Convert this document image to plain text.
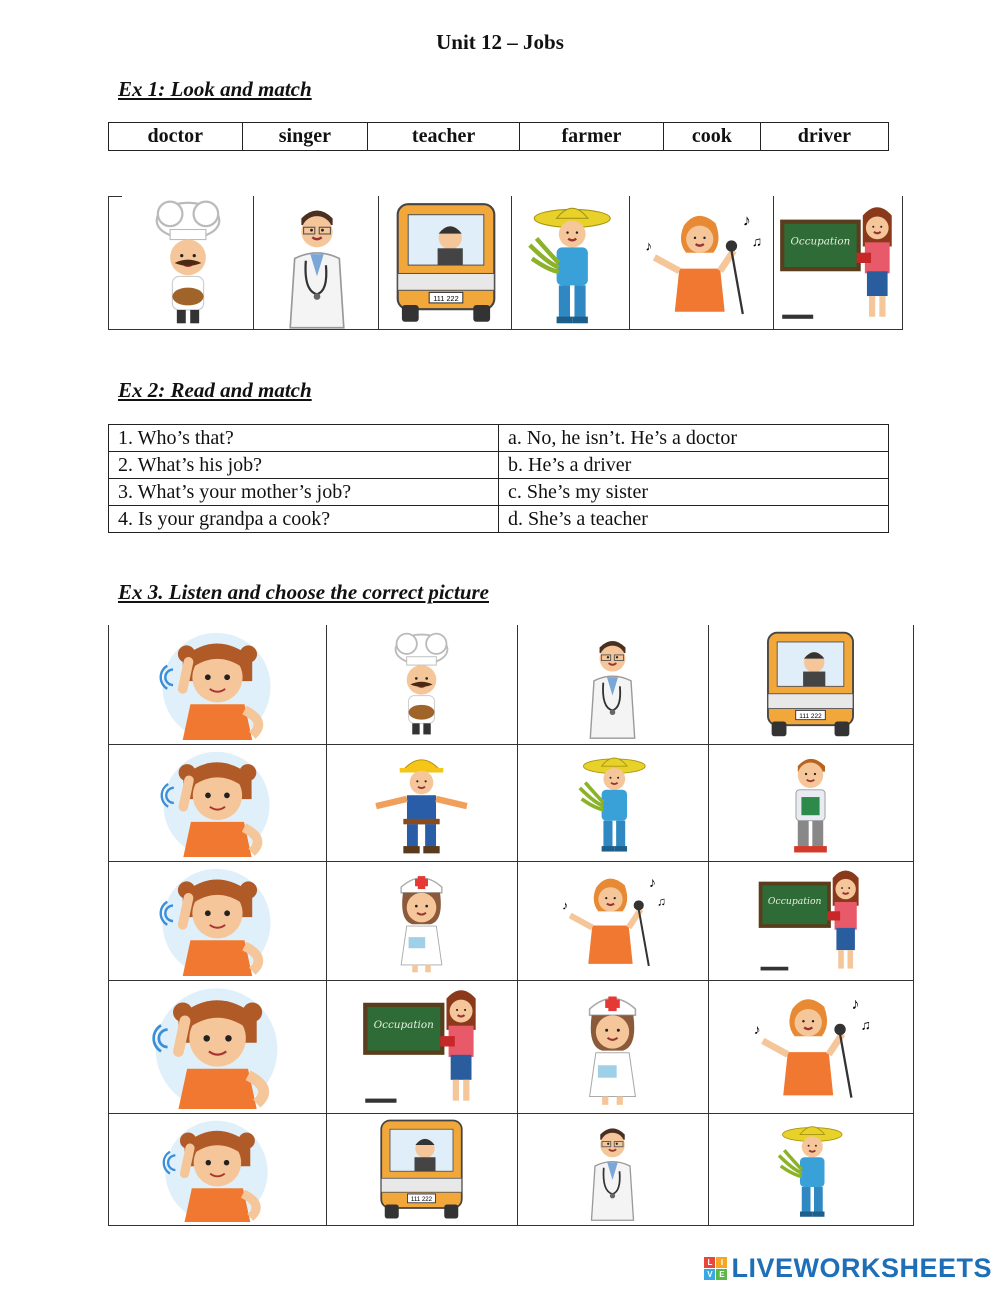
Unit 12 – Jobs
Ex 1: Look and match
doctor	singer	teacher	farmer	cook	driver
111 222
♪
♫
♪	Occupation
Ex 2: Read and match
1. Who’s that?	a. No, he isn’t. He’s a doctor
2. What’s his job?	b. He’s a driver
3. What’s your mother’s job?	c. She’s my sister
4. Is your grandpa a cook?	d. She’s a teacher
Ex 3. Listen and choose the correct picture
111 222
♪
♫
♪	Occupation
Occupation
♪
♫
♪
111 222
L	I
V E LIVEWORKSHEETS
